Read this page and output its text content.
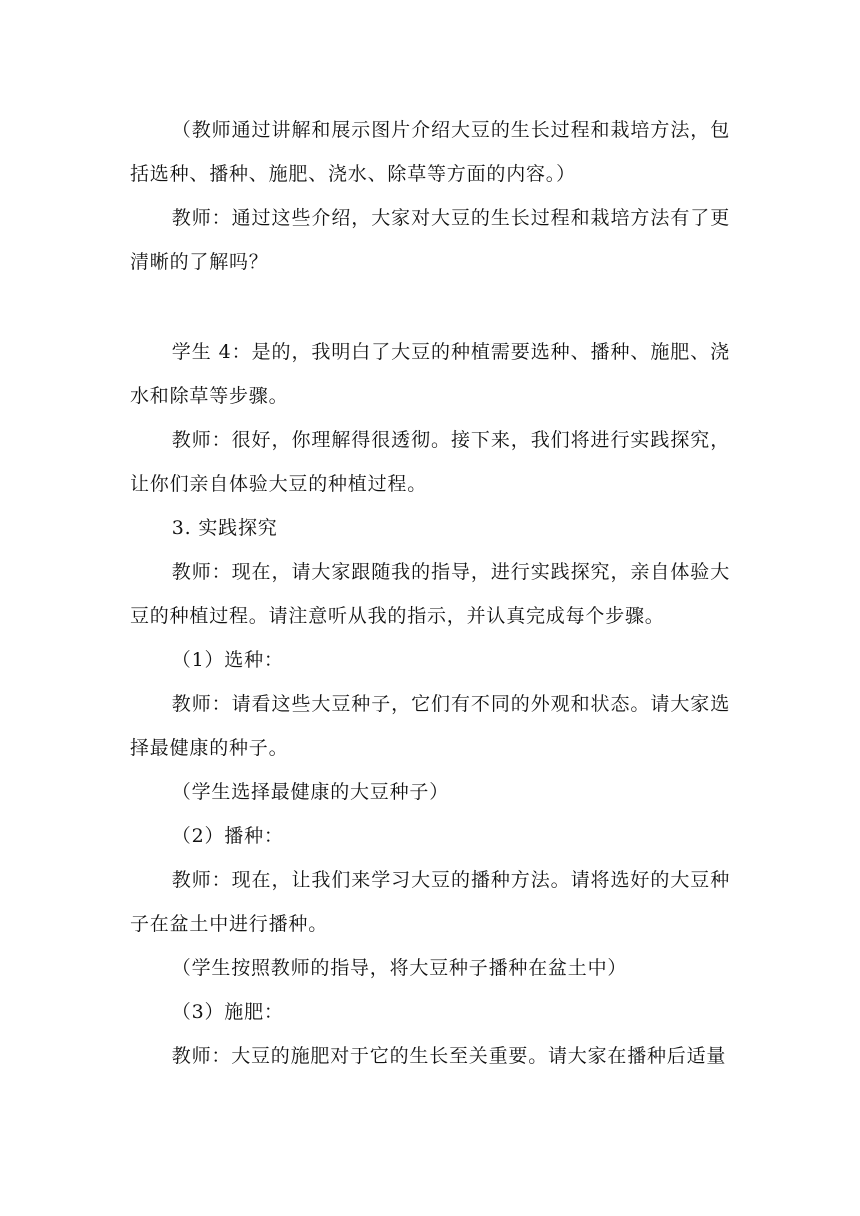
（教师通过讲解和展示图片介绍大豆的生长过程和栽培方法，包括选种、播种、施肥、浇水、除草等方面的内容。）

教师：通过这些介绍，大家对大豆的生长过程和栽培方法有了更清晰的了解吗？

学生 4：是的，我明白了大豆的种植需要选种、播种、施肥、浇水和除草等步骤。

教师：很好，你理解得很透彻。接下来，我们将进行实践探究，让你们亲自体验大豆的种植过程。

3. 实践探究

教师：现在，请大家跟随我的指导，进行实践探究，亲自体验大豆的种植过程。请注意听从我的指示，并认真完成每个步骤。

（1）选种：

教师：请看这些大豆种子，它们有不同的外观和状态。请大家选择最健康的种子。

（学生选择最健康的大豆种子）

（2）播种：

教师：现在，让我们来学习大豆的播种方法。请将选好的大豆种子在盆土中进行播种。

（学生按照教师的指导，将大豆种子播种在盆土中）

（3）施肥：

教师：大豆的施肥对于它的生长至关重要。请大家在播种后适量
